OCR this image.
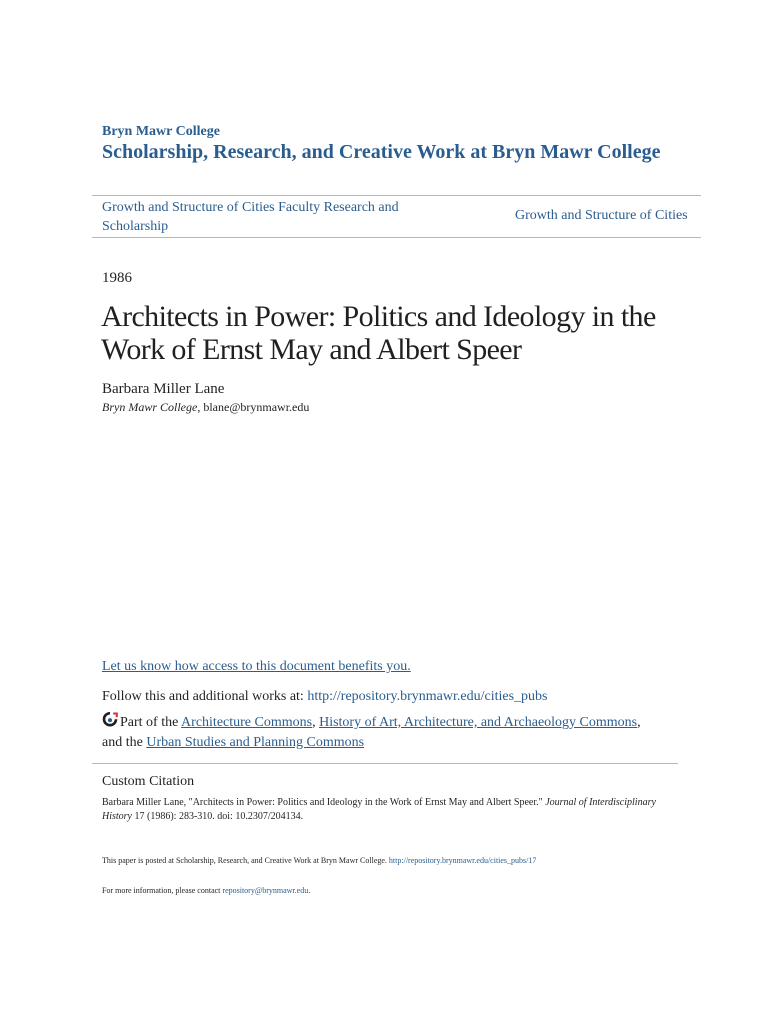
Bryn Mawr College
Scholarship, Research, and Creative Work at Bryn Mawr College
Growth and Structure of Cities Faculty Research and Scholarship
Growth and Structure of Cities
1986
Architects in Power: Politics and Ideology in the Work of Ernst May and Albert Speer
Barbara Miller Lane
Bryn Mawr College, blane@brynmawr.edu
Let us know how access to this document benefits you.
Follow this and additional works at: http://repository.brynmawr.edu/cities_pubs
Part of the Architecture Commons, History of Art, Architecture, and Archaeology Commons,
and the Urban Studies and Planning Commons
Custom Citation
Barbara Miller Lane, "Architects in Power: Politics and Ideology in the Work of Ernst May and Albert Speer." Journal of Interdisciplinary History 17 (1986): 283-310. doi: 10.2307/204134.
This paper is posted at Scholarship, Research, and Creative Work at Bryn Mawr College. http://repository.brynmawr.edu/cities_pubs/17
For more information, please contact repository@brynmawr.edu.
